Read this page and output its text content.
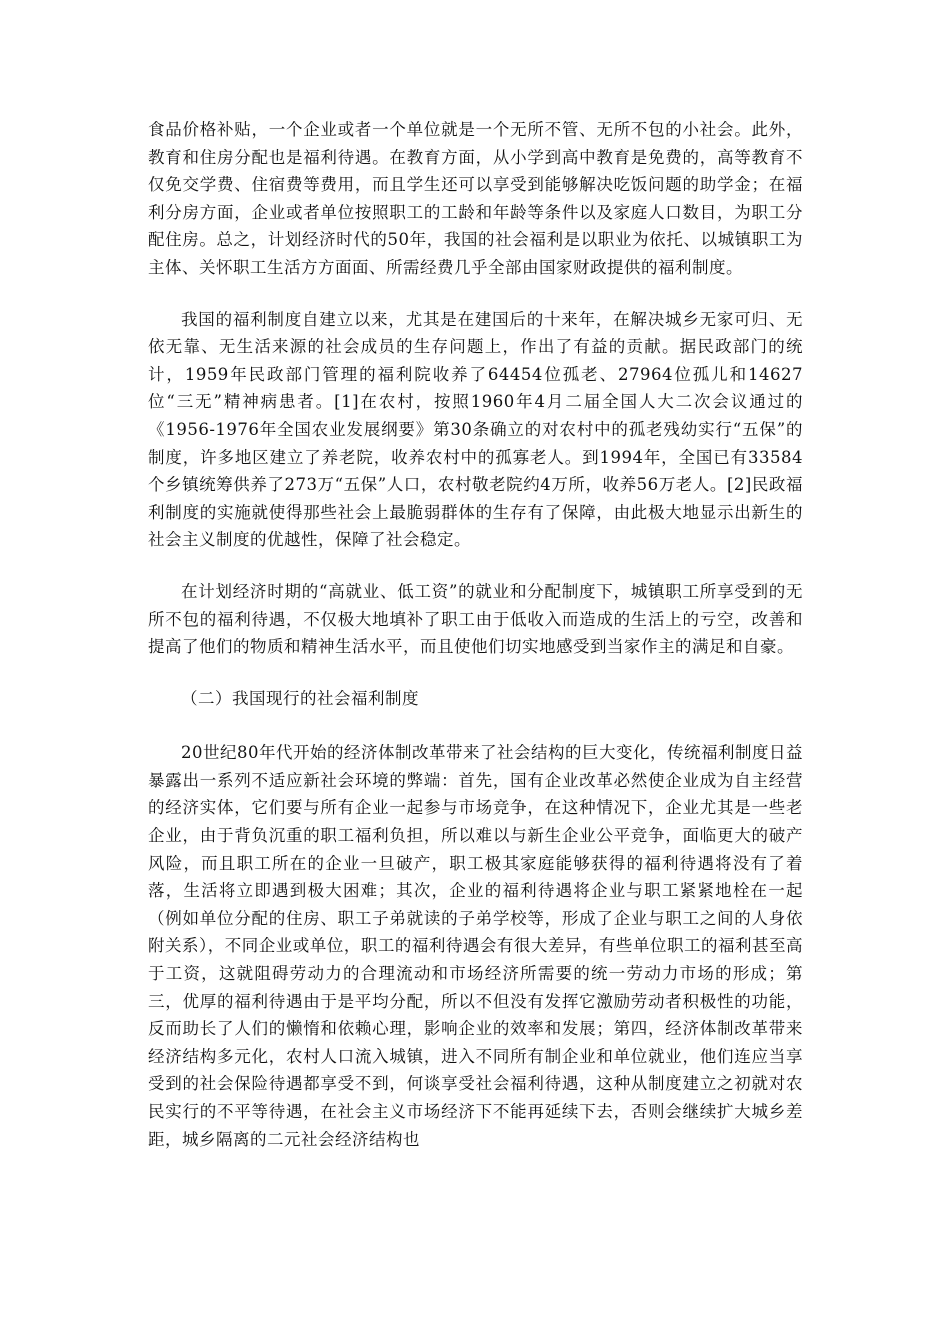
食品价格补贴，一个企业或者一个单位就是一个无所不管、无所不包的小社会。此外，教育和住房分配也是福利待遇。在教育方面，从小学到高中教育是免费的，高等教育不仅免交学费、住宿费等费用，而且学生还可以享受到能够解决吃饭问题的助学金；在福利分房方面，企业或者单位按照职工的工龄和年龄等条件以及家庭人口数目，为职工分配住房。总之，计划经济时代的50年，我国的社会福利是以职业为依托、以城镇职工为主体、关怀职工生活方方面面、所需经费几乎全部由国家财政提供的福利制度。

我国的福利制度自建立以来，尤其是在建国后的十来年，在解决城乡无家可归、无依无靠、无生活来源的社会成员的生存问题上，作出了有益的贡献。据民政部门的统计，1959年民政部门管理的福利院收养了64454位孤老、27964位孤儿和14627位“三无”精神病患者。[1]在农村，按照1960年4月二届全国人大二次会议通过的《1956-1976年全国农业发展纲要》第30条确立的对农村中的孤老残幼实行“五保”的制度，许多地区建立了养老院，收养农村中的孤寡老人。到1994年，全国已有33584个乡镇统筹供养了273万“五保”人口，农村敬老院约4万所，收养56万老人。[2]民政福利制度的实施就使得那些社会上最脆弱群体的生存有了保障，由此极大地显示出新生的社会主义制度的优越性，保障了社会稳定。

在计划经济时期的“高就业、低工资”的就业和分配制度下，城镇职工所享受到的无所不包的福利待遇，不仅极大地填补了职工由于低收入而造成的生活上的亏空，改善和提高了他们的物质和精神生活水平，而且使他们切实地感受到当家作主的满足和自豪。

（二）我国现行的社会福利制度

20世纪80年代开始的经济体制改革带来了社会结构的巨大变化，传统福利制度日益暴露出一系列不适应新社会环境的弊端：首先，国有企业改革必然使企业成为自主经营的经济实体，它们要与所有企业一起参与市场竞争，在这种情况下，企业尤其是一些老企业，由于背负沉重的职工福利负担，所以难以与新生企业公平竞争，面临更大的破产风险，而且职工所在的企业一旦破产，职工极其家庭能够获得的福利待遇将没有了着落，生活将立即遇到极大困难；其次，企业的福利待遇将企业与职工紧紧地栓在一起（例如单位分配的住房、职工子弟就读的子弟学校等，形成了企业与职工之间的人身依附关系），不同企业或单位，职工的福利待遇会有很大差异，有些单位职工的福利甚至高于工资，这就阻碍劳动力的合理流动和市场经济所需要的统一劳动力市场的形成；第三，优厚的福利待遇由于是平均分配，所以不但没有发挥它激励劳动者积极性的功能，反而助长了人们的懒惰和依赖心理，影响企业的效率和发展；第四，经济体制改革带来经济结构多元化，农村人口流入城镇，进入不同所有制企业和单位就业，他们连应当享受到的社会保险待遇都享受不到，何谈享受社会福利待遇，这种从制度建立之初就对农民实行的不平等待遇，在社会主义市场经济下不能再延续下去，否则会继续扩大城乡差距，城乡隔离的二元社会经济结构也
